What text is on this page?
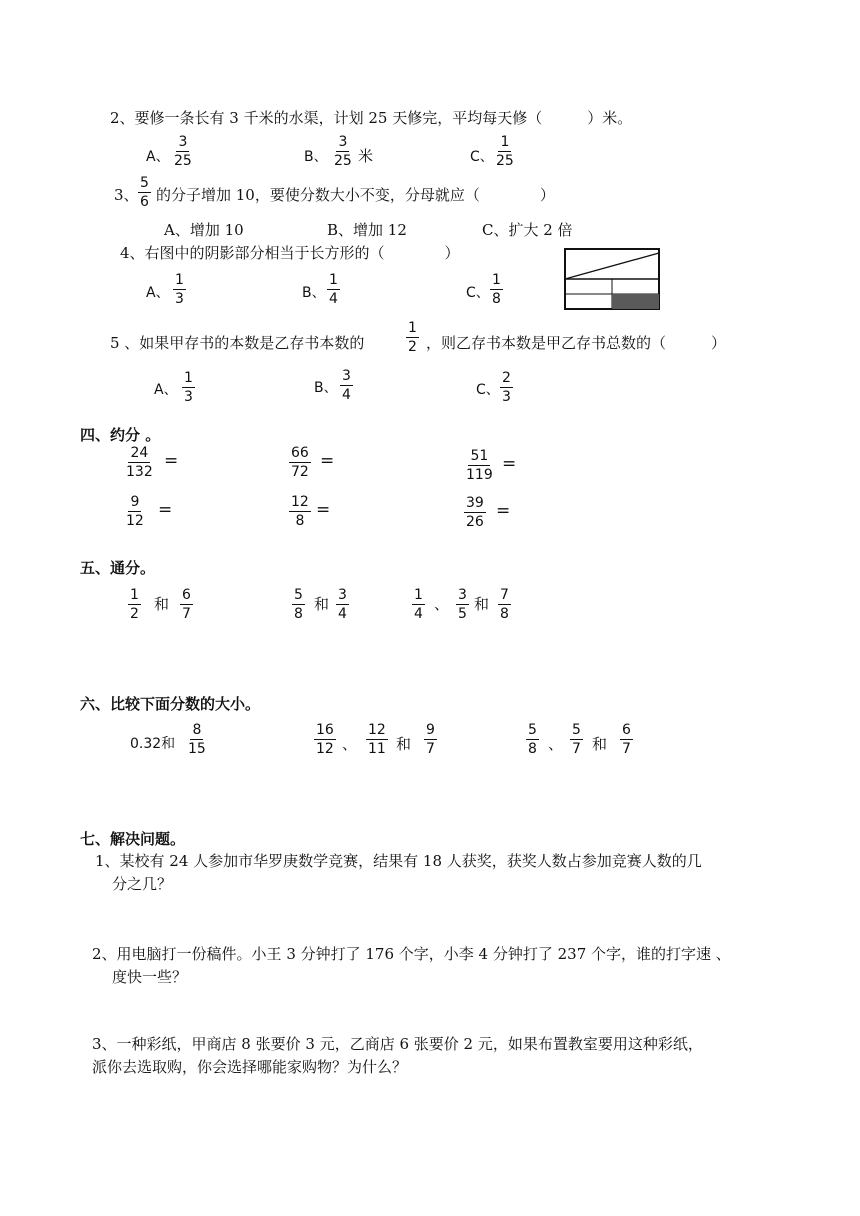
2、要修一条长有 3 千米的水渠，计划 25 天修完，平均每天修（　　　）米。
A、 $\frac{3}{25}$	B、 $\frac{3}{25}$ 米	C、 $\frac{1}{25}$
3、 $\frac{5}{6}$ 的分子增加 10，要使分数大小不变，分母就应（　　　　）
A、增加 10	B、增加 12	C、扩大 2 倍
4、右图中的阴影部分相当于长方形的（　　　　）
A、 $\frac{1}{3}$	B、 $\frac{1}{4}$	C、 $\frac{1}{8}$
5 、如果甲存书的本数是乙存书本数的	$\frac{1}{2}$ ，则乙存书本数是甲乙存书总数的（　　　）
A、 $\frac{1}{3}$	B、 $\frac{3}{4}$	C、 $\frac{2}{3}$
四、约分 。
$\frac{24}{132}$ =	$\frac{66}{72}$ =	$\frac{51}{119}$ =
$\frac{9}{12}$ =	$\frac{12}{8}$ =	$\frac{39}{26}$ =
五、通分。
$\frac{1}{2}$ 和 $\frac{6}{7}$	$\frac{5}{8}$ 和 $\frac{3}{4}$	$\frac{1}{4}$ 、 $\frac{3}{5}$ 和 $\frac{7}{8}$
六、比较下面分数的大小。
0.32和 $\frac{8}{15}$	$\frac{16}{12}$ 、 $\frac{12}{11}$ 和 $\frac{9}{7}$	$\frac{5}{8}$ 、 $\frac{5}{7}$ 和 $\frac{6}{7}$
七、解决问题。
1、某校有 24 人参加市华罗庚数学竞赛，结果有 18 人获奖，获奖人数占参加竞赛人数的几
分之几？
2、用电脑打一份稿件。小王 3 分钟打了 176 个字，小李 4 分钟打了 237 个字，谁的打字速 、
度快一些？
3、一种彩纸，甲商店 8 张要价 3 元，乙商店 6 张要价 2 元，如果布置教室要用这种彩纸，
派你去选取购，你会选择哪能家购物？为什么？
